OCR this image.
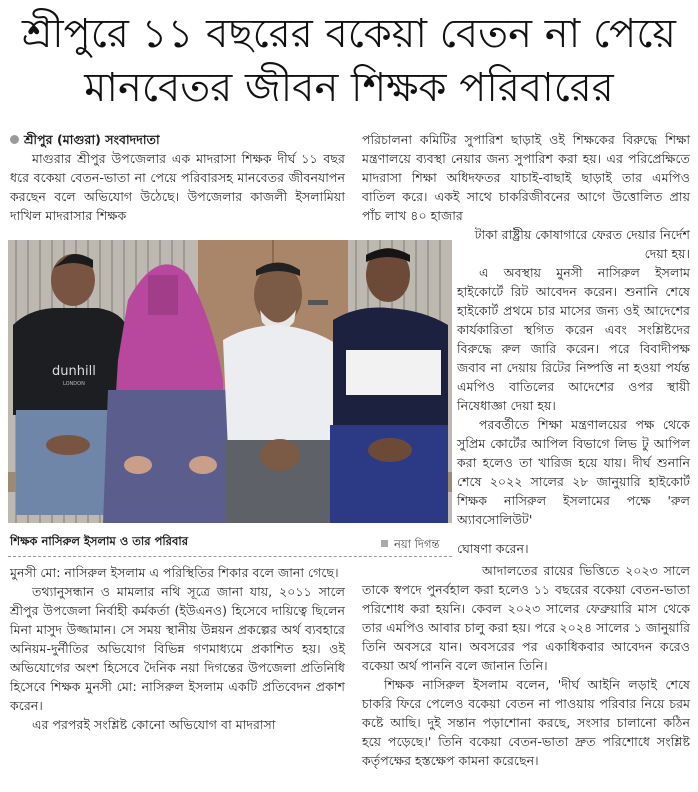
শ্রীপুরে ১১ বছরের বকেয়া বেতন না পেয়ে
মানবেতর জীবন শিক্ষক পরিবারের

শ্রীপুর (মাগুরা) সংবাদদাতা

মাগুরার শ্রীপুর উপজেলার এক মাদরাসা শিক্ষক দীর্ঘ ১১ বছর ধরে বকেয়া বেতন-ভাতা না পেয়ে পরিবারসহ মানবেতর জীবনযাপন করছেন বলে অভিযোগ উঠেছে। উপজেলার কাজলী ইসলামিয়া দাখিল মাদরাসার শিক্ষক

পরিচালনা কমিটির সুপারিশ ছাড়াই ওই শিক্ষকের বিরুদ্ধে শিক্ষা মন্ত্রণালয়ে ব্যবস্থা নেয়ার জন্য সুপারিশ করা হয়। এর পরিপ্রেক্ষিতে মাদরাসা শিক্ষা অধিদফতর যাচাই-বাছাই ছাড়াই তার এমপিও বাতিল করে। একই সাথে চাকরিজীবনের আগে উত্তোলিত প্রায় পাঁচ লাখ ৪০ হাজার

টাকা রাষ্ট্রীয় কোষাগারে ফেরত দেয়ার নির্দেশ দেয়া হয়।

এ অবস্থায় মুনসী নাসিরুল ইসলাম হাইকোর্টে রিট আবেদন করেন। শুনানি শেষে হাইকোর্ট প্রথমে চার মাসের জন্য ওই আদেশের কার্যকারিতা স্থগিত করেন এবং সংশ্লিষ্টদের বিরুদ্ধে রুল জারি করেন। পরে বিবাদীপক্ষ জবাব না দেয়ায় রিটের নিষ্পত্তি না হওয়া পর্যন্ত এমপিও বাতিলের আদেশের ওপর স্থায়ী নিষেধাজ্ঞা দেয়া হয়।

পরবর্তীতে শিক্ষা মন্ত্রণালয়ের পক্ষ থেকে সুপ্রিম কোর্টের আপিল বিভাগে লিভ টু আপিল করা হলেও তা খারিজ হয়ে যায়। দীর্ঘ শুনানি শেষে ২০২২ সালের ২৮ জানুয়ারি হাইকোর্ট শিক্ষক নাসিরুল ইসলামের পক্ষে 'রুল অ্যাবসোলিউট'

ঘোষণা করেন।
dunhill
LONDON
শিক্ষক নাসিরুল ইসলাম ও তার পরিবার	নয়া দিগন্ত

মুনসী মো: নাসিরুল ইসলাম এ পরিস্থিতির শিকার বলে জানা গেছে।

তথ্যানুসন্ধান ও মামলার নথি সূত্রে জানা যায়, ২০১১ সালে শ্রীপুর উপজেলা নির্বাহী কর্মকর্তা (ইউএনও) হিসেবে দায়িত্বে ছিলেন মিনা মাসুদ উজ্জামান। সে সময় স্থানীয় উন্নয়ন প্রকল্পের অর্থ ব্যবহারে অনিয়ম-দুর্নীতির অভিযোগ বিভিন্ন গণমাধ্যমে প্রকাশিত হয়। ওই অভিযোগের অংশ হিসেবে দৈনিক নয়া দিগন্তের উপজেলা প্রতিনিধি হিসেবে শিক্ষক মুনসী মো: নাসিরুল ইসলাম একটি প্রতিবেদন প্রকাশ করেন।

এর পরপরই সংশ্লিষ্ট কোনো অভিযোগ বা মাদরাসা

আদালতের রায়ের ভিত্তিতে ২০২৩ সালে তাকে স্বপদে পুনর্বহাল করা হলেও ১১ বছরের বকেয়া বেতন-ভাতা পরিশোধ করা হয়নি। কেবল ২০২৩ সালের ফেব্রুয়ারি মাস থেকে তার এমপিও আবার চালু করা হয়। পরে ২০২৪ সালের ১ জানুয়ারি তিনি অবসরে যান। অবসরের পর একাধিকবার আবেদন করেও বকেয়া অর্থ পাননি বলে জানান তিনি।

শিক্ষক নাসিরুল ইসলাম বলেন, 'দীর্ঘ আইনি লড়াই শেষে চাকরি ফিরে পেলেও বকেয়া বেতন না পাওয়ায় পরিবার নিয়ে চরম কষ্টে আছি। দুই সন্তান পড়াশোনা করছে, সংসার চালানো কঠিন হয়ে পড়েছে।' তিনি বকেয়া বেতন-ভাতা দ্রুত পরিশোধে সংশ্লিষ্ট কর্তৃপক্ষের হস্তক্ষেপ কামনা করেছেন।
